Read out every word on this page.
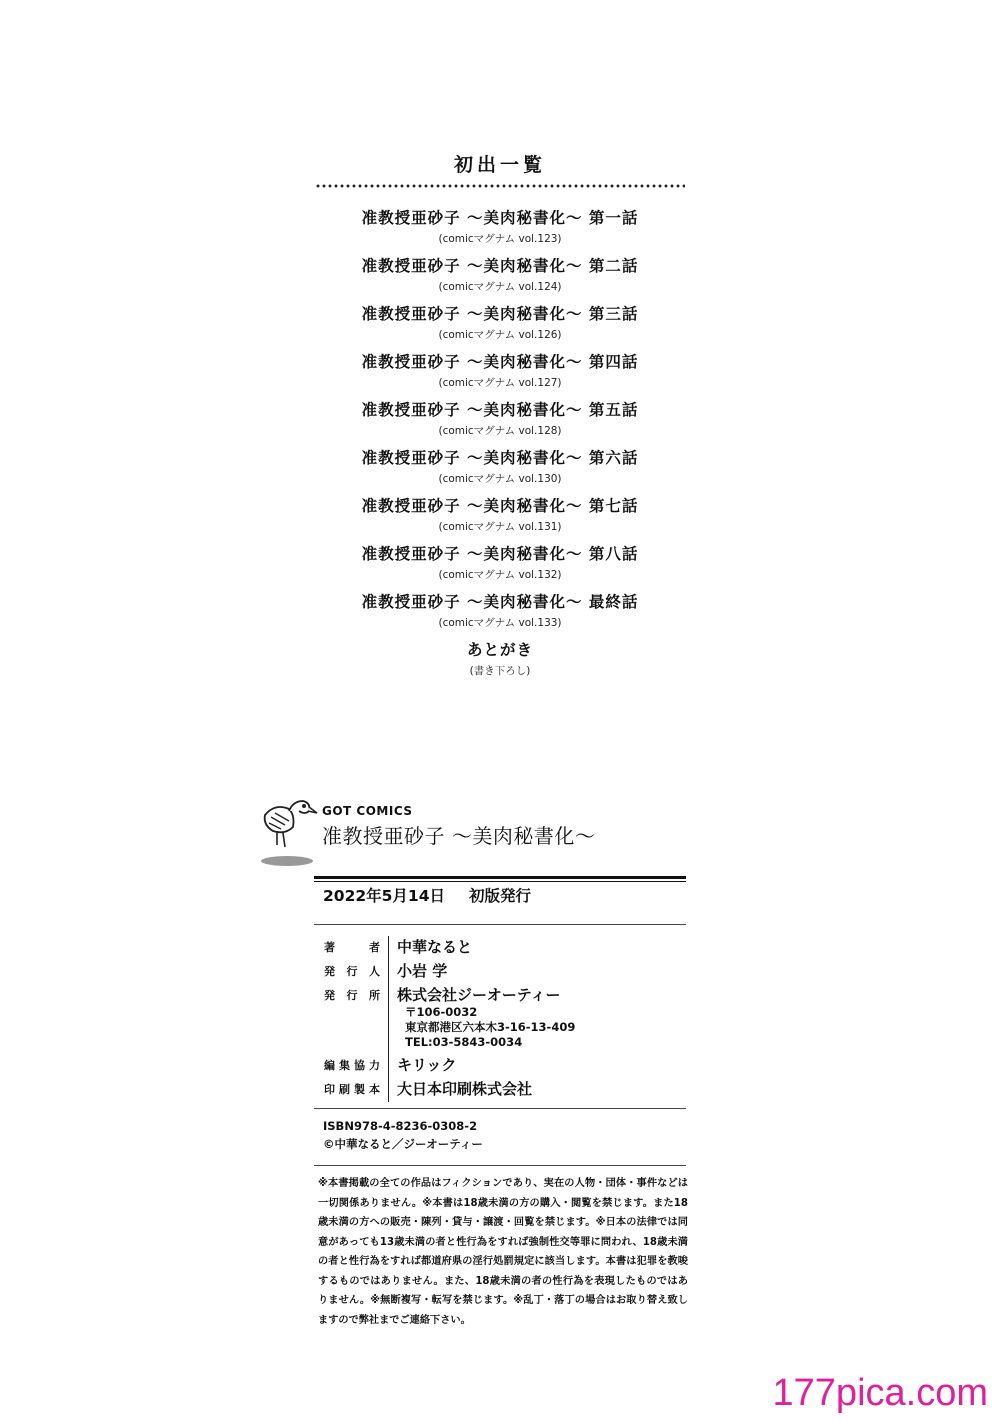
初出一覧
准教授亜砂子 〜美肉秘書化〜 第一話
(comicマグナム vol.123)
准教授亜砂子 〜美肉秘書化〜 第二話
(comicマグナム vol.124)
准教授亜砂子 〜美肉秘書化〜 第三話
(comicマグナム vol.126)
准教授亜砂子 〜美肉秘書化〜 第四話
(comicマグナム vol.127)
准教授亜砂子 〜美肉秘書化〜 第五話
(comicマグナム vol.128)
准教授亜砂子 〜美肉秘書化〜 第六話
(comicマグナム vol.130)
准教授亜砂子 〜美肉秘書化〜 第七話
(comicマグナム vol.131)
准教授亜砂子 〜美肉秘書化〜 第八話
(comicマグナム vol.132)
准教授亜砂子 〜美肉秘書化〜 最終話
(comicマグナム vol.133)
あとがき
(書き下ろし)
GOT COMICS
准教授亜砂子 〜美肉秘書化〜
2022年5月14日 初版発行
著者 中華なると
発行人 小岩 学
発行所 株式会社ジーオーティー
〒106-0032
東京都港区六本木3-16-13-409
TEL:03-5843-0034
編集協力 キリック
印刷製本 大日本印刷株式会社
ISBN978-4-8236-0308-2
©中華なると／ジーオーティー
※本書掲載の全ての作品はフィクションであり、実在の人物・団体・事件などは一切関係ありません。※本書は18歳未満の方の購入・閲覧を禁じます。また18歳未満の方への販売・陳列・貸与・譲渡・回覧を禁じます。※日本の法律では同意があっても13歳未満の者と性行為をすれば強制性交等罪に問われ、18歳未満の者と性行為をすれば都道府県の淫行処罰規定に該当します。本書は犯罪を教唆するものではありません。また、18歳未満の者の性行為を表現したものではありません。※無断複写・転写を禁じます。※乱丁・落丁の場合はお取り替え致しますので弊社までご連絡下さい。
177pica.com
